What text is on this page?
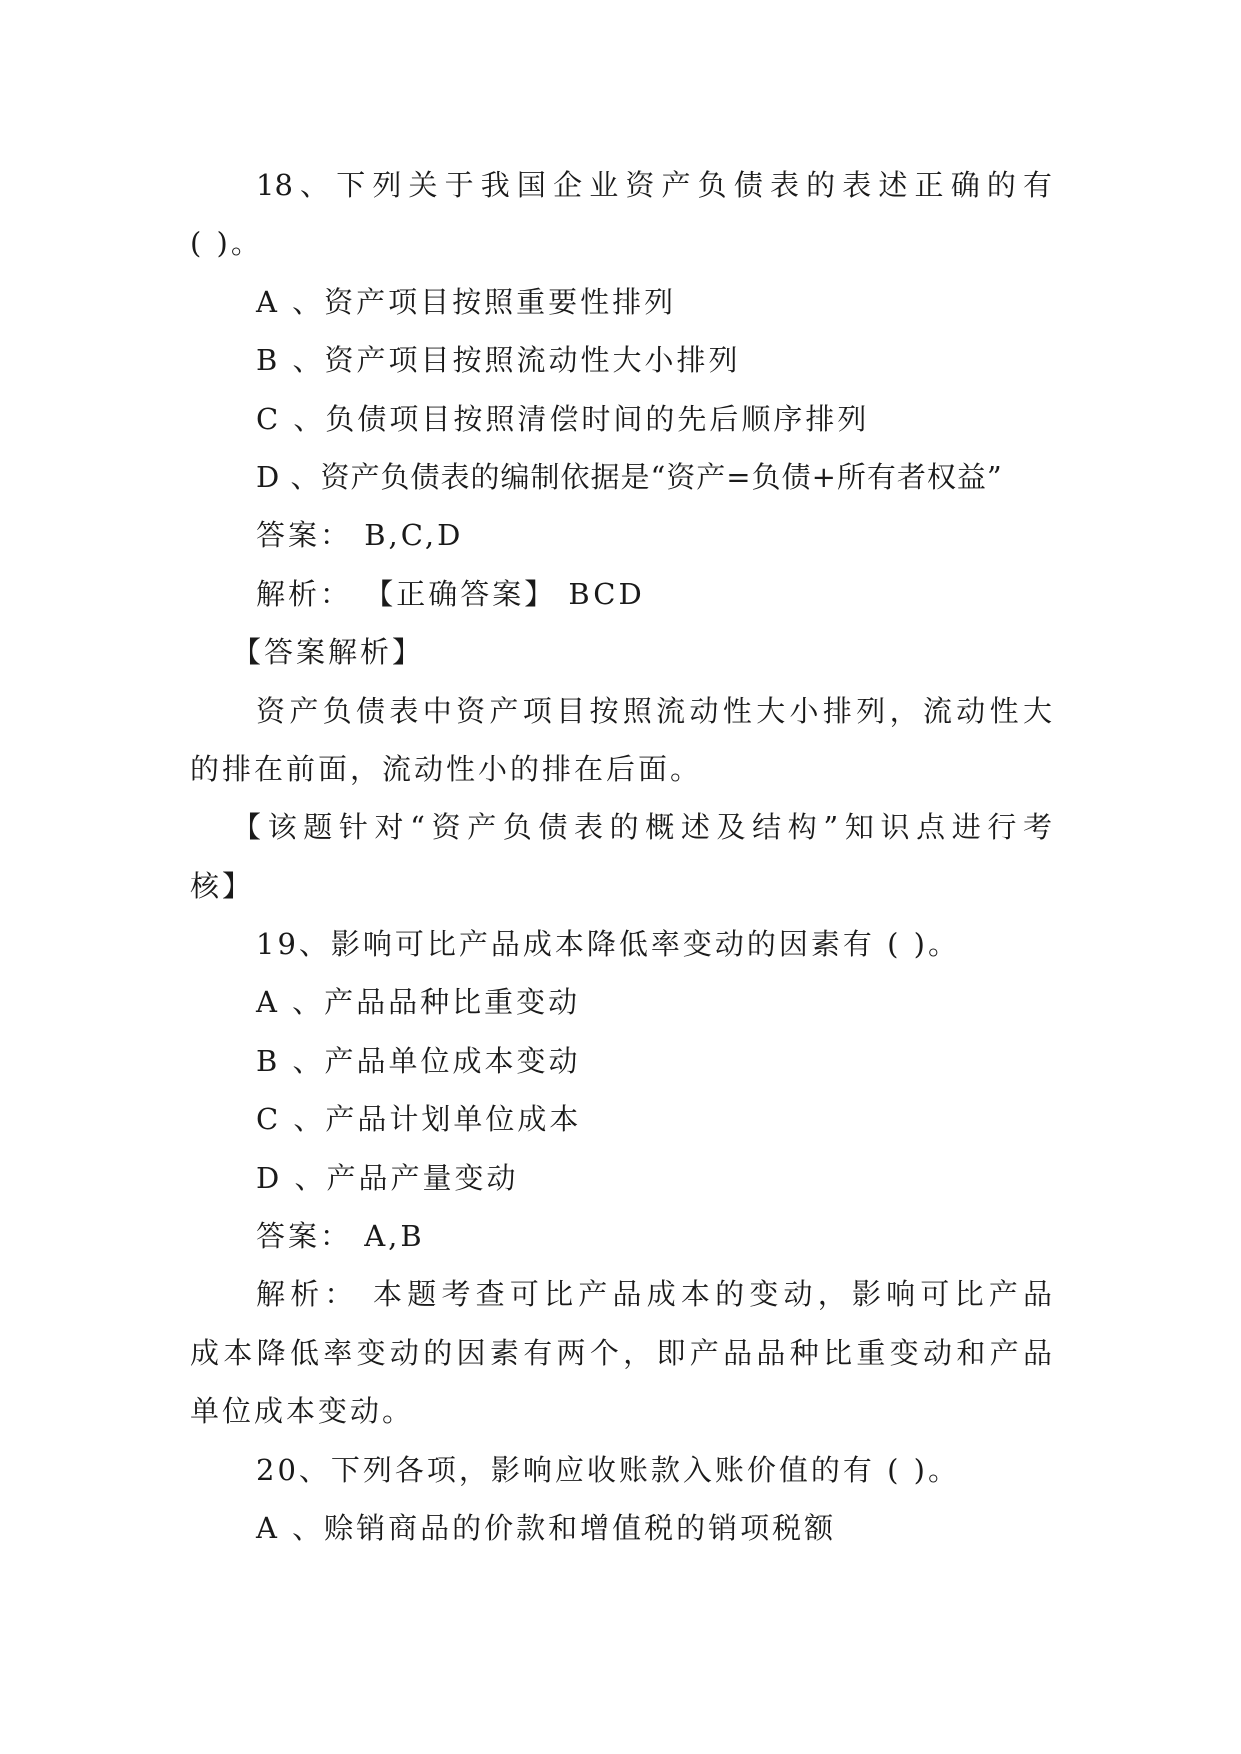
18、下列关于我国企业资产负债表的表述正确的有
( )。
A 、资产项目按照重要性排列
B 、资产项目按照流动性大小排列
C 、负债项目按照清偿时间的先后顺序排列
D 、资产负债表的编制依据是“资产=负债+所有者权益”
答案： B,C,D
解析： 【正确答案】 BCD
【答案解析】
资产负债表中资产项目按照流动性大小排列，流动性大
的排在前面，流动性小的排在后面。
【该题针对“资产负债表的概述及结构”知识点进行考
核】
19、影响可比产品成本降低率变动的因素有 ( )。
A 、产品品种比重变动
B 、产品单位成本变动
C 、产品计划单位成本
D 、产品产量变动
答案： A,B
解析： 本题考查可比产品成本的变动，影响可比产品
成本降低率变动的因素有两个，即产品品种比重变动和产品
单位成本变动。
20、下列各项，影响应收账款入账价值的有 ( )。
A 、赊销商品的价款和增值税的销项税额
